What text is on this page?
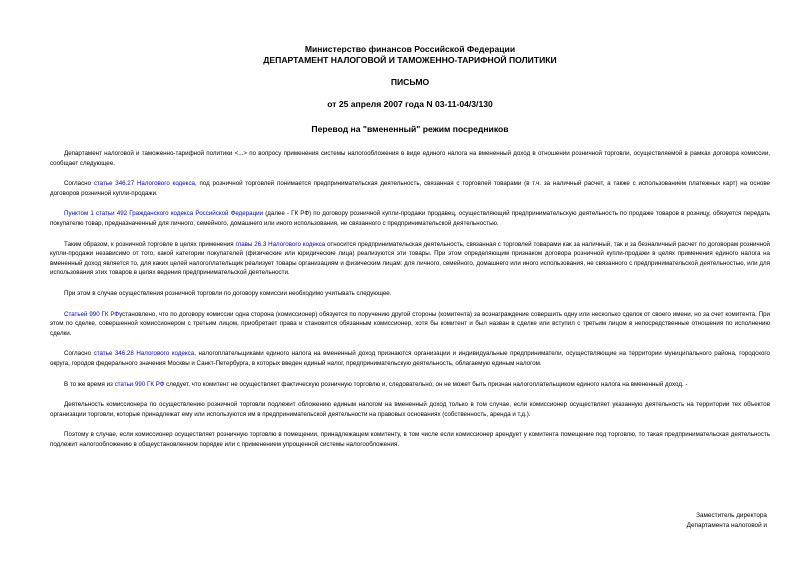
Министерство финансов Российской Федерации
ДЕПАРТАМЕНТ НАЛОГОВОЙ И ТАМОЖЕННО-ТАРИФНОЙ ПОЛИТИКИ
ПИСЬМО
от 25 апреля 2007 года N 03-11-04/3/130
Перевод на "вмененный" режим посредников

Департамент налоговой и таможенно-тарифной политики <...> по вопросу применения системы налогообложения в виде единого налога на вмененный доход в отношении розничной торговли, осуществляемой в рамках договора комиссии, сообщает следующее.

Согласно статье 346.27 Налогового кодекса, под розничной торговлей понимается предпринимательская деятельность, связанная с торговлей товарами (в т.ч. за наличный расчет, а также с использованием платежных карт) на основе договоров розничной купли-продажи.

Пунктом 1 статьи 492 Гражданского кодекса Российской Федерации (далее - ГК РФ) по договору розничной купли-продажи продавец, осуществляющий предпринимательскую деятельность по продаже товаров в розницу, обязуется передать покупателю товар, предназначенный для личного, семейного, домашнего или иного использования, не связанного с предпринимательской деятельностью.

Таким образом, к розничной торговле в целях применения главы 26.3 Налогового кодекса относится предпринимательская деятельность, связанная с торговлей товарами как за наличный, так и за безналичный расчет по договорам розничной купли-продажи независимо от того, какой категории покупателей (физические или юридические лица) реализуются эти товары. При этом определяющим признаком договора розничной купли-продажи в целях применения единого налога на вмененный доход является то, для каких целей налогоплательщик реализует товары организациям и физическим лицам: для личного, семейного, домашнего или иного использования, не связанного с предпринимательской деятельностью, или для использования этих товаров в целях ведения предпринимательской деятельности.

При этом в случае осуществления розничной торговли по договору комиссии необходимо учитывать следующее.

Статьей 990 ГК РФустановлено, что по договору комиссии одна сторона (комиссионер) обязуется по поручению другой стороны (комитента) за вознаграждение совершить одну или несколько сделок от своего имени, но за счет комитента. При этом по сделке, совершенной комиссионером с третьим лицом, приобретает права и становится обязанным комиссионер, хотя бы комитент и был назван в сделке или вступил с третьим лицом в непосредственные отношения по исполнению сделки.

Согласно статье 346.28 Налогового кодекса, налогоплательщиками единого налога на вмененный доход признаются организации и индивидуальные предприниматели, осуществляющие на территории муниципального района, городского округа, городов федерального значения Москвы и Санкт-Петербурга, в которых введен единый налог, предпринимательскую деятельность, облагаемую единым налогом.

В то же время из статьи 990 ГК РФ следует, что комитент не осуществляет фактическую розничную торговлю и, следовательно, он не может быть признан налогоплательщиком единого налога на вмененный доход. -

Деятельность комиссионера по осуществлению розничной торговли подлежит обложению единым налогом на вмененный доход только в том случае, если комиссионер осуществляет указанную деятельность на территории тех объектов организации торговли, которые принадлежат ему или используются им в предпринимательской деятельности на правовых основаниях (собственность, аренда и т.д.).

Поэтому в случае, если комиссионер осуществляет розничную торговлю в помещении, принадлежащем комитенту, в том числе если комиссионер арендует у комитента помещение под торговлю, то такая предпринимательская деятельность подлежит налогообложению в общеустановленном порядке или с применением упрощенной системы налогообложения.

Заместитель директора
Департамента налоговой и
